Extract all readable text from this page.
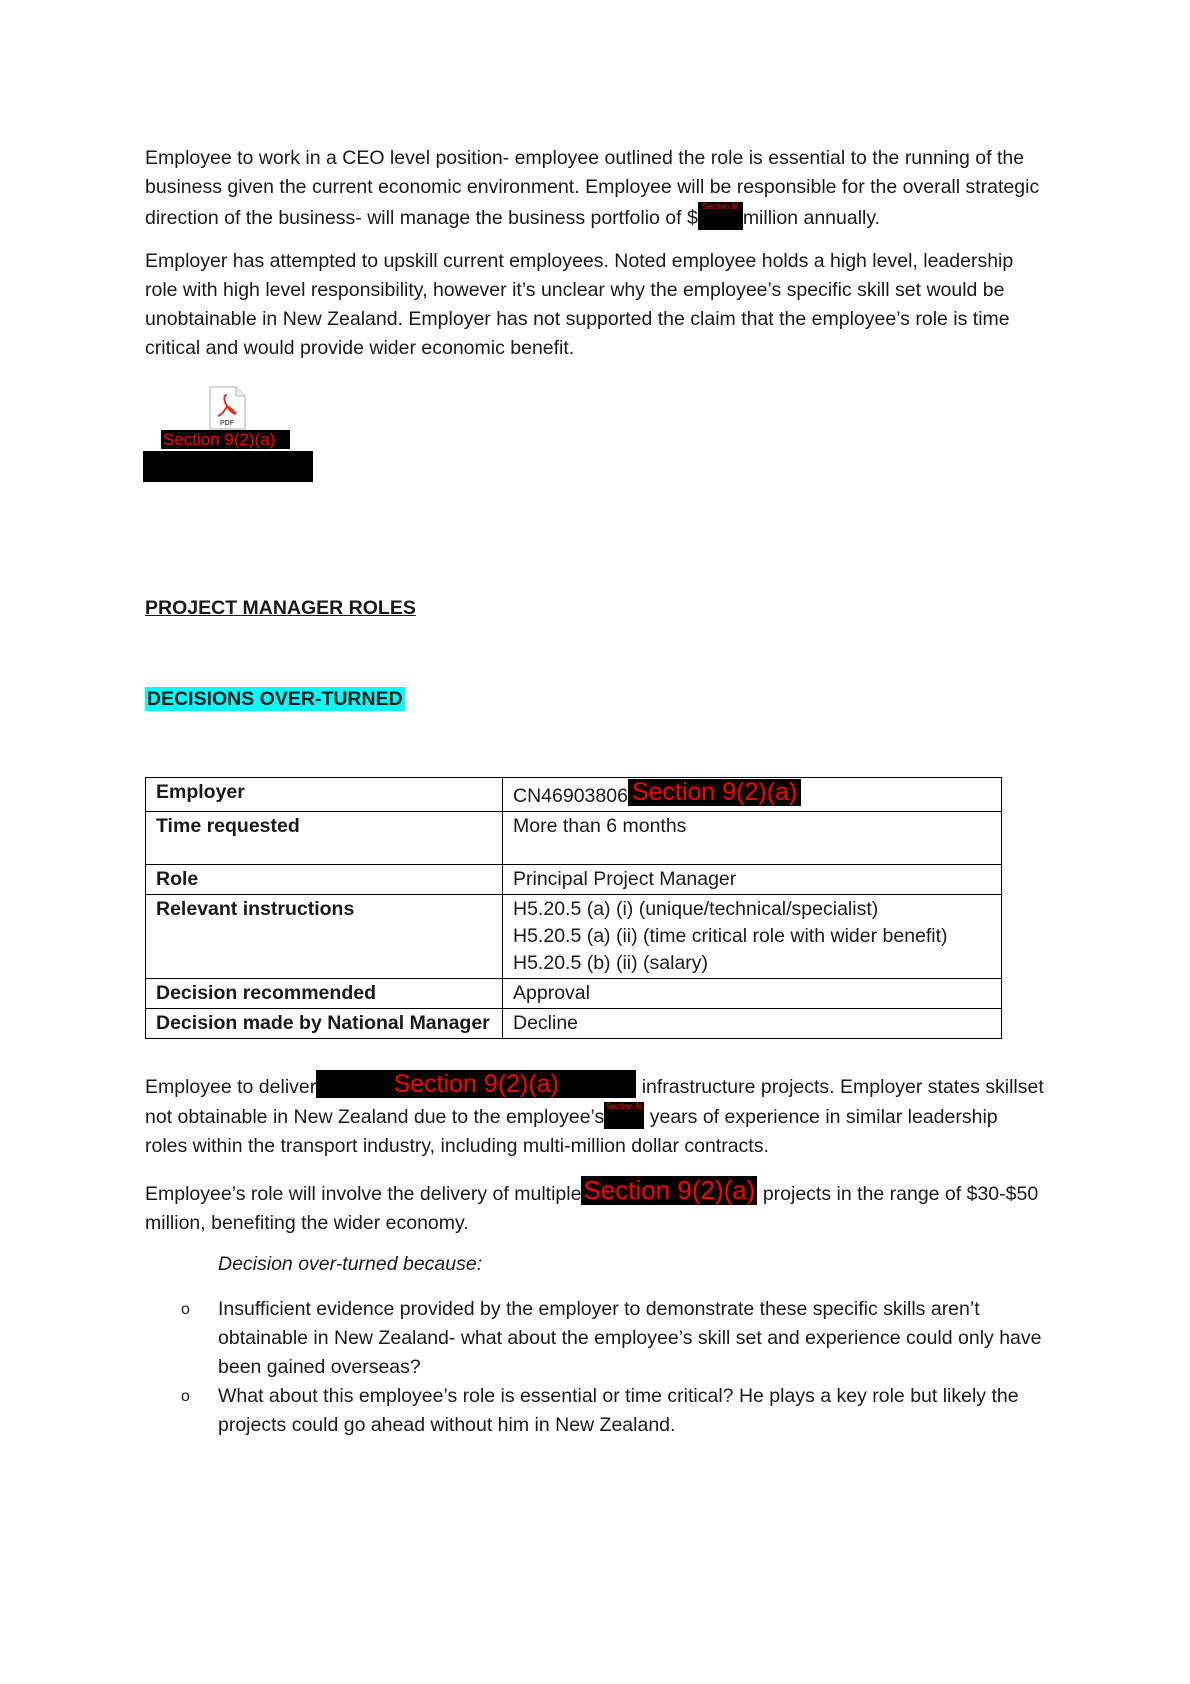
Employee to work in a CEO level position- employee outlined the role is essential to the running of the business given the current economic environment. Employee will be responsible for the overall strategic direction of the business- will manage the business portfolio of $Section 9(million annually.

Employer has attempted to upskill current employees. Noted employee holds a high level, leadership role with high level responsibility, however it’s unclear why the employee’s specific skill set would be unobtainable in New Zealand. Employer has not supported the claim that the employee’s role is time critical and would provide wider economic benefit.

PDF
Section 9(2)(a)

PROJECT MANAGER ROLES

DECISIONS OVER-TURNED

Employer	CN46903806 Section 9(2)(a)
Time requested	More than 6 months
Role	Principal Project Manager
Relevant instructions	H5.20.5 (a) (i) (unique/technical/specialist)
H5.20.5 (a) (ii) (time critical role with wider benefit)
H5.20.5 (b) (ii) (salary)

Decision recommended	Approval
Decision made by National Manager	Decline

Employee to deliver	Section 9(2)(a)	infrastructure projects. Employer states skillset not obtainable in New Zealand due to the employee’s Section 9( years of experience in similar leadership roles within the transport industry, including multi-million dollar contracts.

Employee’s role will involve the delivery of multipleSection 9(2)(a) projects in the range of $30-$50 million, benefiting the wider economy.

Decision over-turned because:

o Insufficient evidence provided by the employer to demonstrate these specific skills aren’t obtainable in New Zealand- what about the employee’s skill set and experience could only have been gained overseas?
o What about this employee’s role is essential or time critical? He plays a key role but likely the projects could go ahead without him in New Zealand.
